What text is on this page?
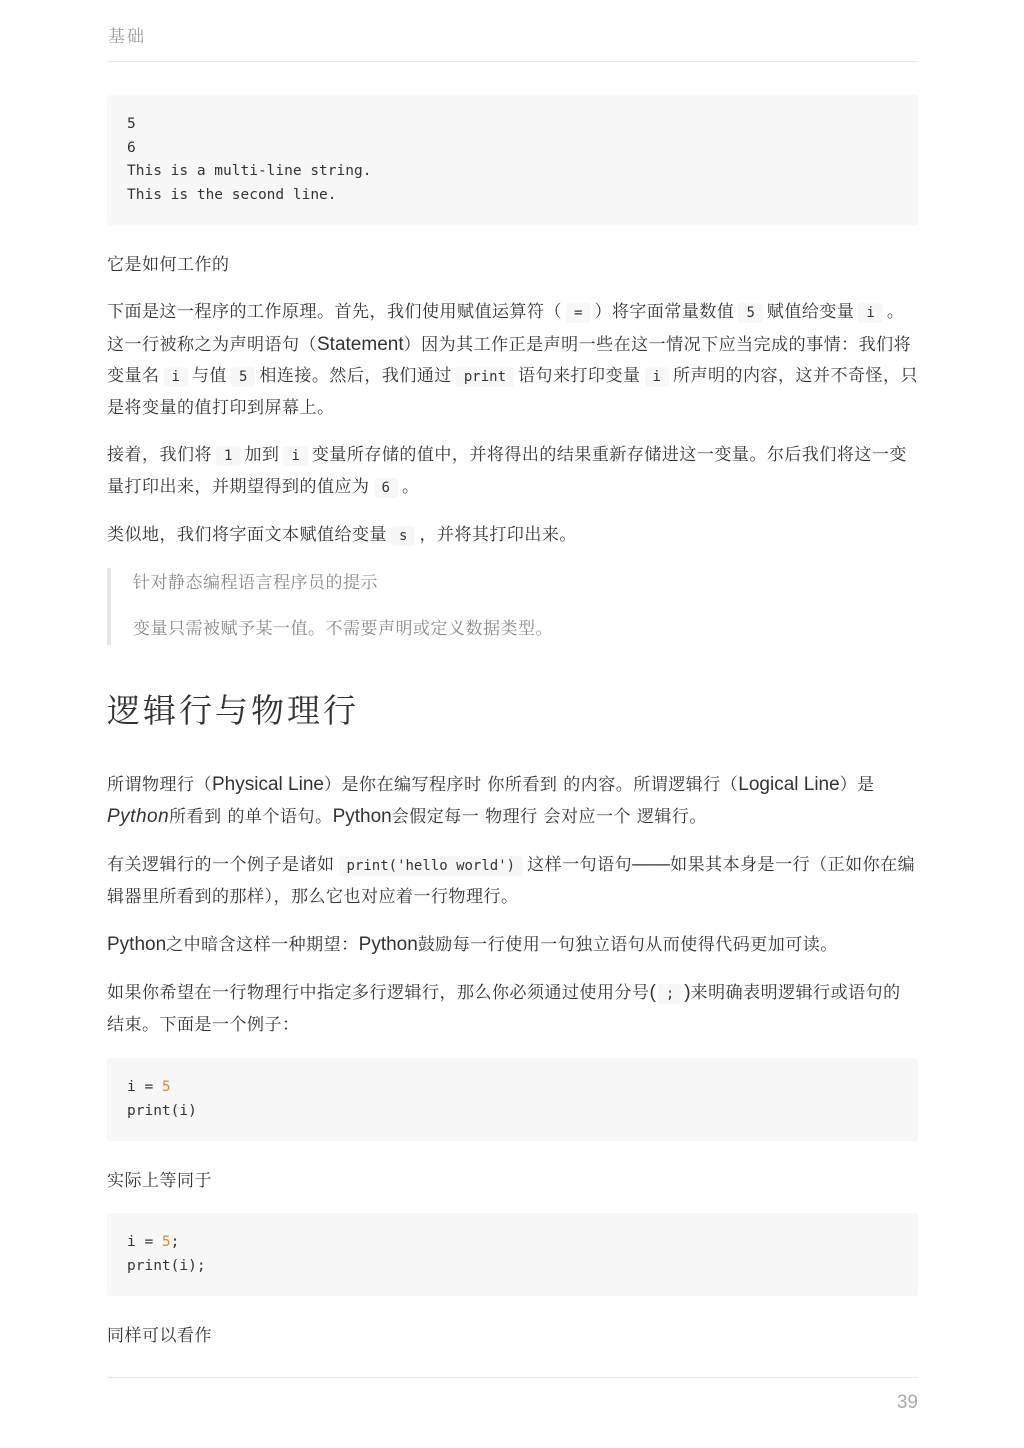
基础
5
6
This is a multi-line string.
This is the second line.

它是如何工作的

下面是这一程序的工作原理。首先，我们使用赋值运算符（ = ）将字面常量数值 5 赋值给变量 i 。这一行被称之为声明语句（Statement）因为其工作正是声明一些在这一情况下应当完成的事情：我们将变量名 i 与值 5 相连接。然后，我们通过 print 语句来打印变量 i 所声明的内容，这并不奇怪，只是将变量的值打印到屏幕上。

接着，我们将 1 加到 i 变量所存储的值中，并将得出的结果重新存储进这一变量。尔后我们将这一变量打印出来，并期望得到的值应为 6 。

类似地，我们将字面文本赋值给变量 s ，并将其打印出来。

针对静态编程语言程序员的提示

变量只需被赋予某一值。不需要声明或定义数据类型。

逻辑行与物理行

所谓物理行（Physical Line）是你在编写程序时 你所看到 的内容。所谓逻辑行（Logical Line）是Python所看到 的单个语句。Python会假定每一 物理行 会对应一个 逻辑行。

有关逻辑行的一个例子是诸如 print('hello world') 这样一句语句——如果其本身是一行（正如你在编辑器里所看到的那样），那么它也对应着一行物理行。

Python之中暗含这样一种期望：Python鼓励每一行使用一句独立语句从而使得代码更加可读。

如果你希望在一行物理行中指定多行逻辑行，那么你必须通过使用分号( ; )来明确表明逻辑行或语句的结束。下面是一个例子：

i = 5
print(i)

实际上等同于

i = 5;
print(i);

同样可以看作

39
